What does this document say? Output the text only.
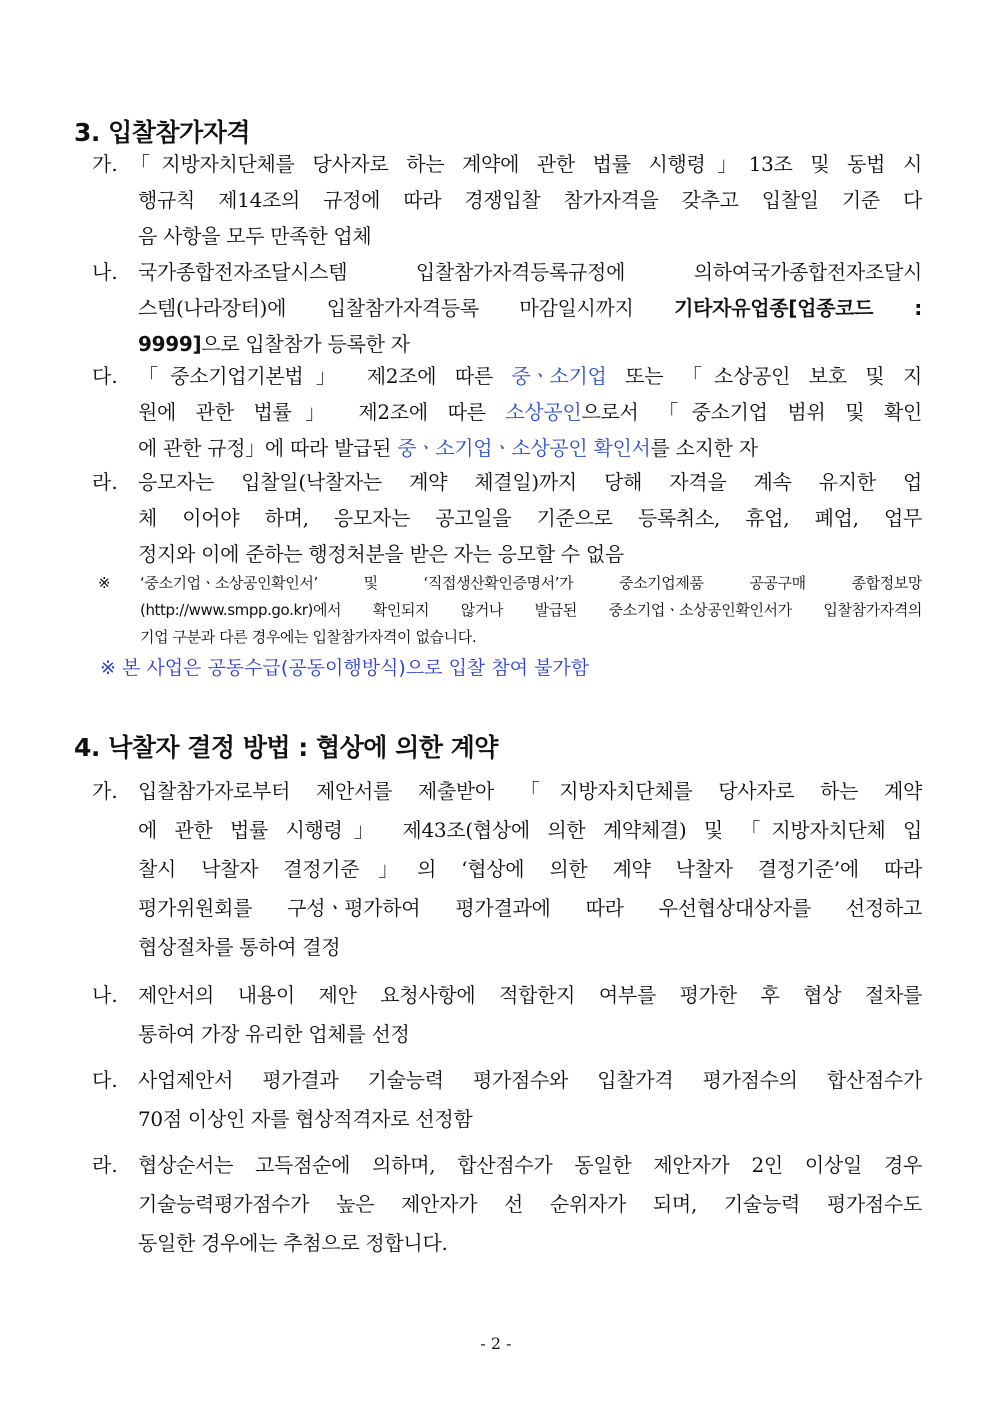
3. 입찰참가자격
가. 「지방자치단체를 당사자로 하는 계약에 관한 법률 시행령」13조 및 동법 시
행규칙 제14조의 규정에 따라 경쟁입찰 참가자격을 갖추고 입찰일 기준 다
음 사항을 모두 만족한 업체
나. 국가종합전자조달시스템 입찰참가자격등록규정에 의하여국가종합전자조달시
스템(나라장터)에 입찰참가자격등록 마감일시까지 기타자유업종[업종코드 :
9999]으로 입찰참가 등록한 자
다. 「중소기업기본법」 제2조에 따른 중ㆍ소기업 또는 「소상공인 보호 및 지
원에 관한 법률」 제2조에 따른 소상공인으로서 「중소기업 범위 및 확인
에 관한 규정」에 따라 발급된 중ㆍ소기업ㆍ소상공인 확인서를 소지한 자
라. 응모자는 입찰일(낙찰자는 계약 체결일)까지 당해 자격을 계속 유지한 업
체 이어야 하며, 응모자는 공고일을 기준으로 등록취소, 휴업, 폐업, 업무
정지와 이에 준하는 행정처분을 받은 자는 응모할 수 없음
※ ‘중소기업ㆍ소상공인확인서’ 및 ‘직접생산확인증명서’가 중소기업제품 공공구매 종합정보망
(http://www.smpp.go.kr)에서 확인되지 않거나 발급된 중소기업ㆍ소상공인확인서가 입찰참가자격의
기업 구분과 다른 경우에는 입찰참가자격이 없습니다.
※ 본 사업은 공동수급(공동이행방식)으로 입찰 참여 불가함
4. 낙찰자 결정 방법 : 협상에 의한 계약
가. 입찰참가자로부터 제안서를 제출받아 「지방자치단체를 당사자로 하는 계약
에 관한 법률 시행령」 제43조(협상에 의한 계약체결) 및 「지방자치단체 입
찰시 낙찰자 결정기준」의 ‘협상에 의한 계약 낙찰자 결정기준’에 따라
평가위원회를 구성ㆍ평가하여 평가결과에 따라 우선협상대상자를 선정하고
협상절차를 통하여 결정
나. 제안서의 내용이 제안 요청사항에 적합한지 여부를 평가한 후 협상 절차를
통하여 가장 유리한 업체를 선정
다. 사업제안서 평가결과 기술능력 평가점수와 입찰가격 평가점수의 합산점수가
70점 이상인 자를 협상적격자로 선정함
라. 협상순서는 고득점순에 의하며, 합산점수가 동일한 제안자가 2인 이상일 경우
기술능력평가점수가 높은 제안자가 선 순위자가 되며, 기술능력 평가점수도
동일한 경우에는 추첨으로 정합니다.
- 2 -
